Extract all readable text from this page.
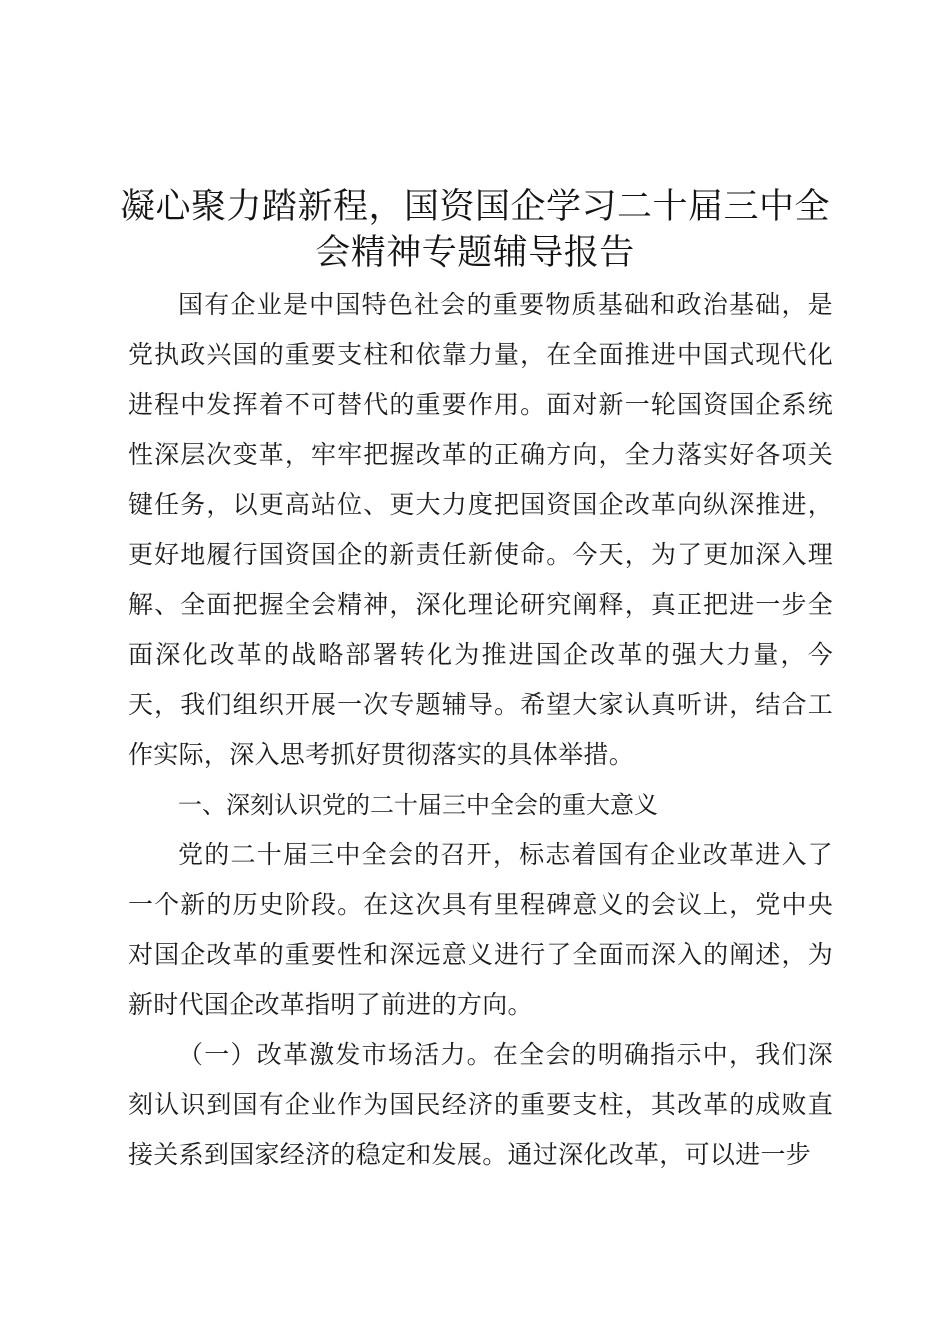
凝心聚力踏新程，国资国企学习二十届三中全会精神专题辅导报告

国有企业是中国特色社会的重要物质基础和政治基础，是党执政兴国的重要支柱和依靠力量，在全面推进中国式现代化进程中发挥着不可替代的重要作用。面对新一轮国资国企系统性深层次变革，牢牢把握改革的正确方向，全力落实好各项关键任务，以更高站位、更大力度把国资国企改革向纵深推进，更好地履行国资国企的新责任新使命。今天，为了更加深入理解、全面把握全会精神，深化理论研究阐释，真正把进一步全面深化改革的战略部署转化为推进国企改革的强大力量，今天，我们组织开展一次专题辅导。希望大家认真听讲，结合工作实际，深入思考抓好贯彻落实的具体举措。

一、深刻认识党的二十届三中全会的重大意义

党的二十届三中全会的召开，标志着国有企业改革进入了一个新的历史阶段。在这次具有里程碑意义的会议上，党中央对国企改革的重要性和深远意义进行了全面而深入的阐述，为新时代国企改革指明了前进的方向。

（一）改革激发市场活力。在全会的明确指示中，我们深刻认识到国有企业作为国民经济的重要支柱，其改革的成败直接关系到国家经济的稳定和发展。通过深化改革，可以进一步
